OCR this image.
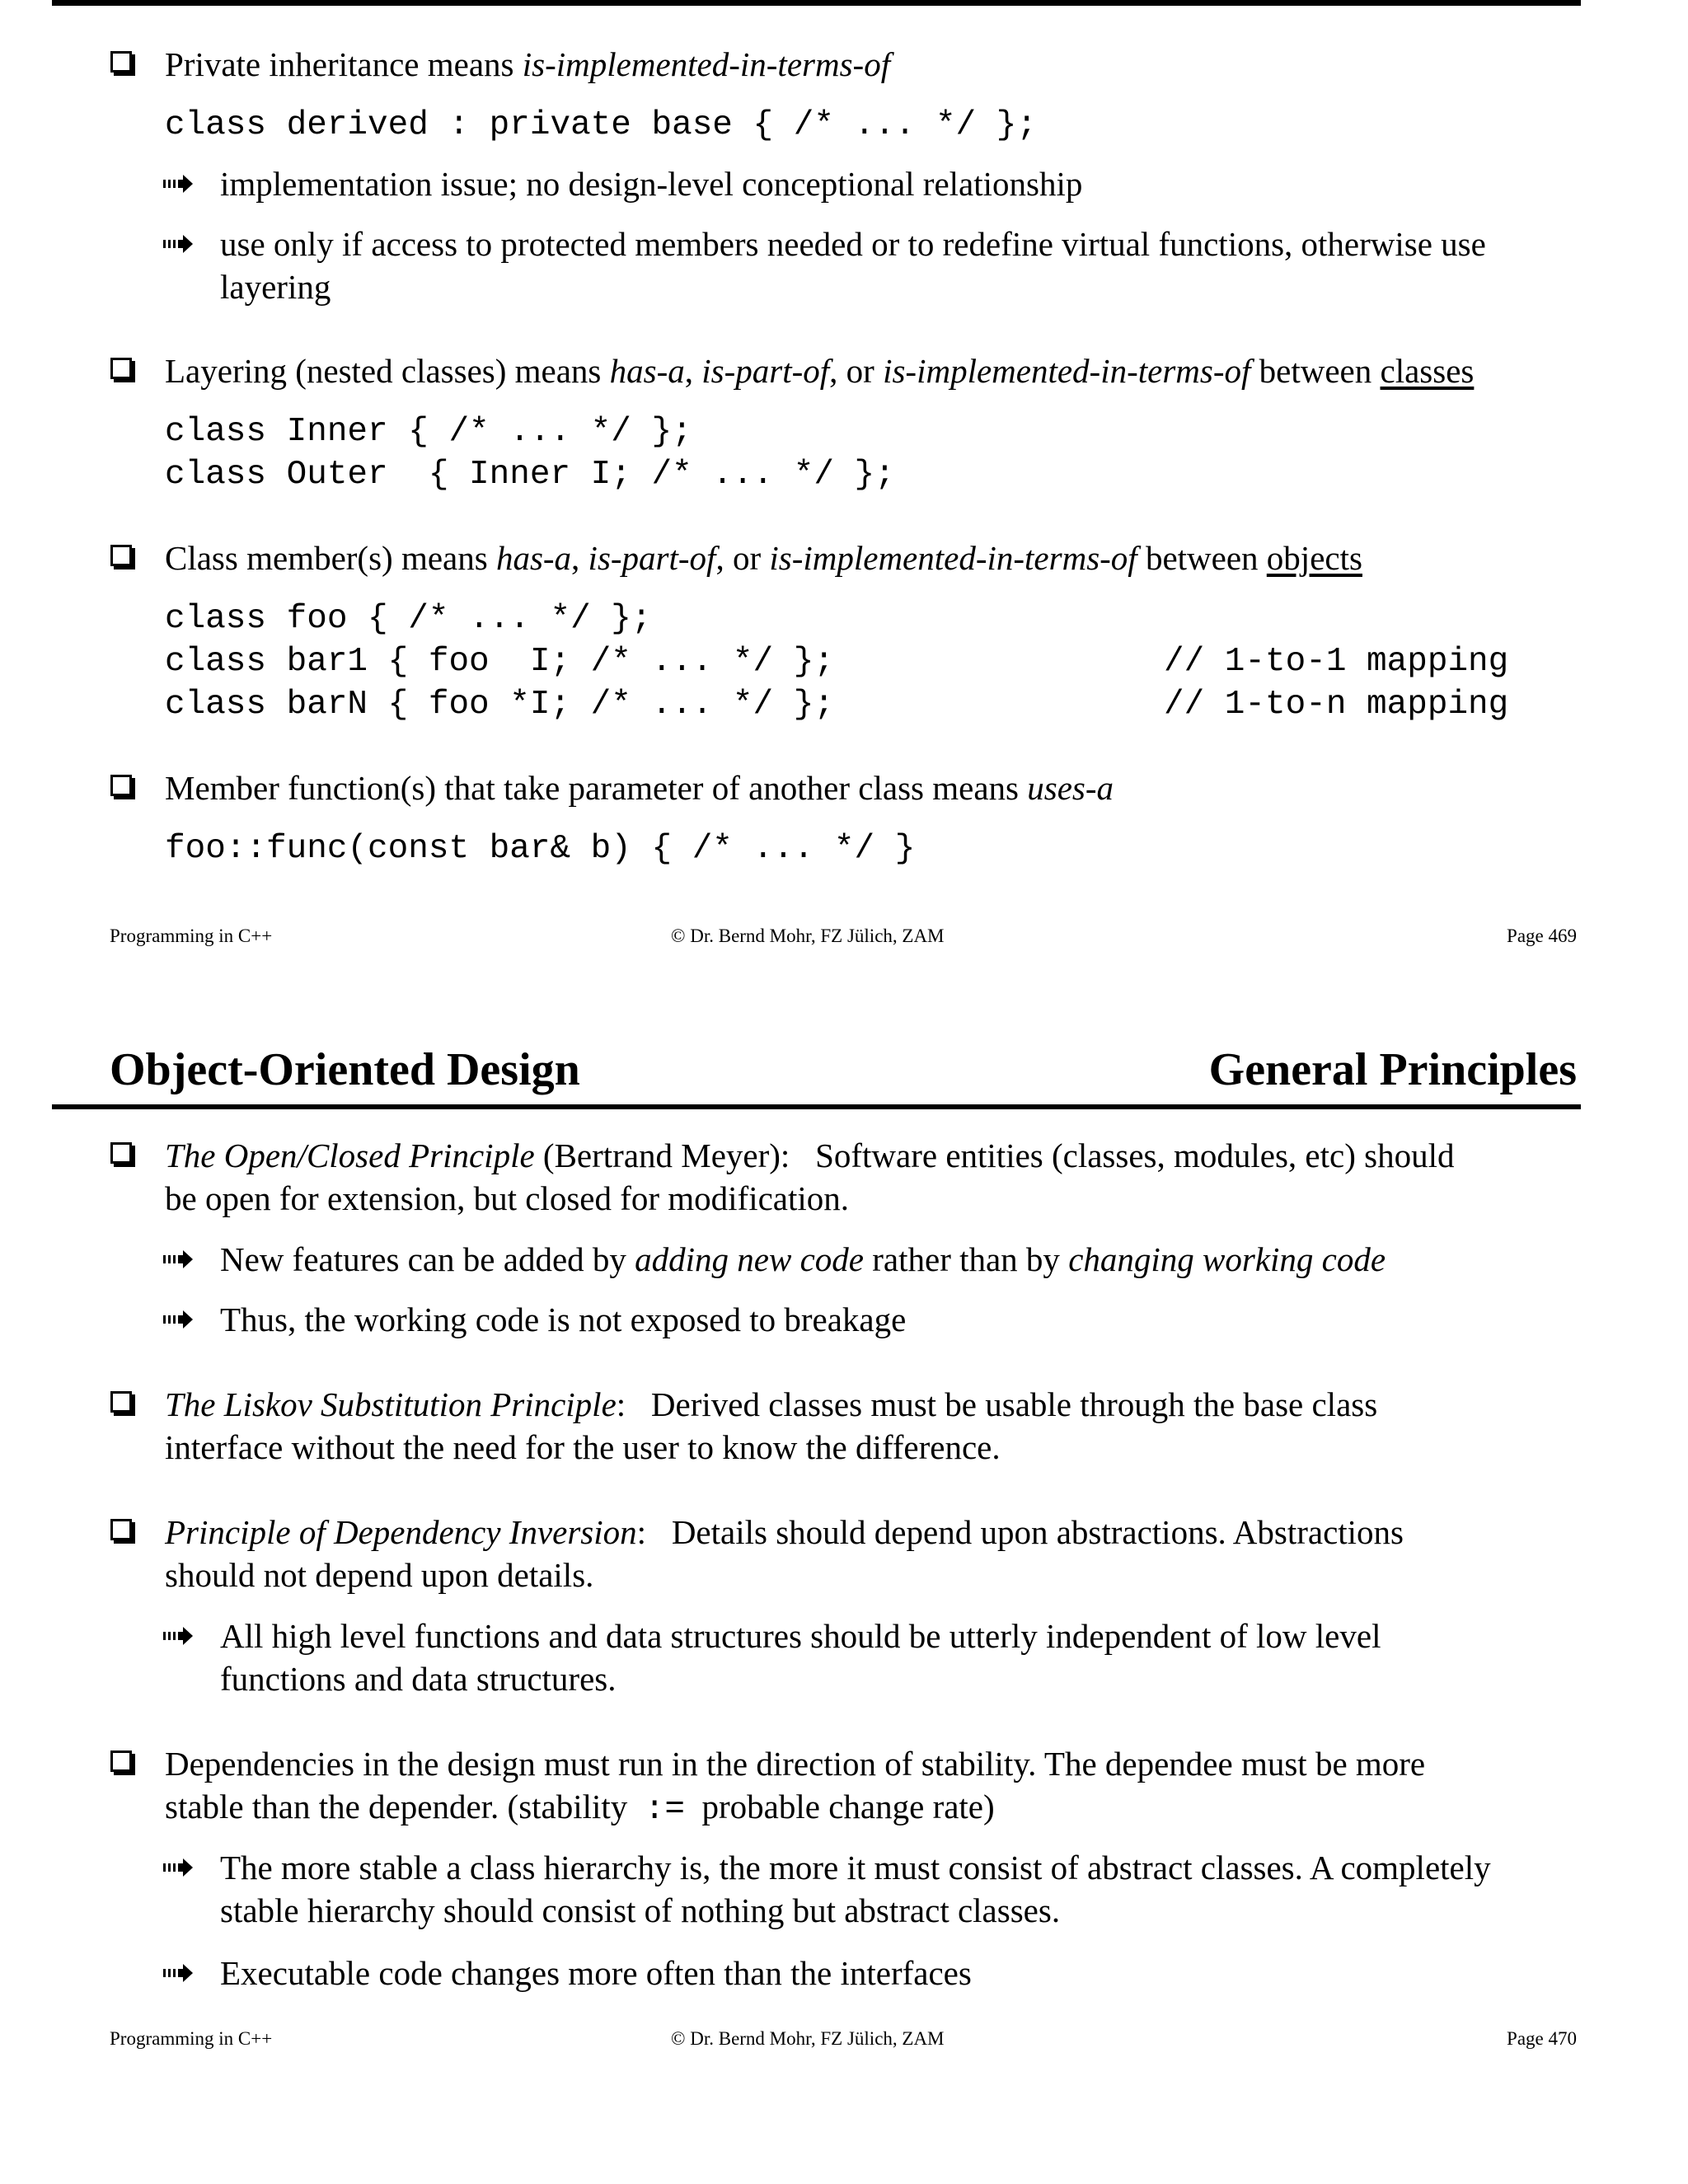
Private inheritance means is-implemented-in-terms-of
class derived : private base { /* ... */ };
implementation issue; no design-level conceptional relationship
use only if access to protected members needed or to redefine virtual functions, otherwise use
layering
Layering (nested classes) means has-a, is-part-of, or is-implemented-in-terms-of between classes
class Inner { /* ... */ };
class Outer  { Inner I; /* ... */ };
Class member(s) means has-a, is-part-of, or is-implemented-in-terms-of between objects
class foo { /* ... */ };
class bar1 { foo  I; /* ... */ };
class barN { foo *I; /* ... */ };
// 1-to-1 mapping
// 1-to-n mapping
Member function(s) that take parameter of another class means uses-a
foo::func(const bar& b) { /* ... */ }
Programming in C++	© Dr. Bernd Mohr, FZ Jülich, ZAM	Page 469
Object-Oriented Design	General Principles
The Open/Closed Principle (Bertrand Meyer):   Software entities (classes, modules, etc) should
be open for extension, but closed for modification.
New features can be added by adding new code rather than by changing working code
Thus, the working code is not exposed to breakage
The Liskov Substitution Principle:   Derived classes must be usable through the base class
interface without the need for the user to know the difference.
Principle of Dependency Inversion:   Details should depend upon abstractions. Abstractions
should not depend upon details.
All high level functions and data structures should be utterly independent of low level
functions and data structures.
Dependencies in the design must run in the direction of stability. The dependee must be more
stable than the depender. (stability  :=  probable change rate)
The more stable a class hierarchy is, the more it must consist of abstract classes. A completely
stable hierarchy should consist of nothing but abstract classes.
Executable code changes more often than the interfaces
Programming in C++	© Dr. Bernd Mohr, FZ Jülich, ZAM	Page 470
